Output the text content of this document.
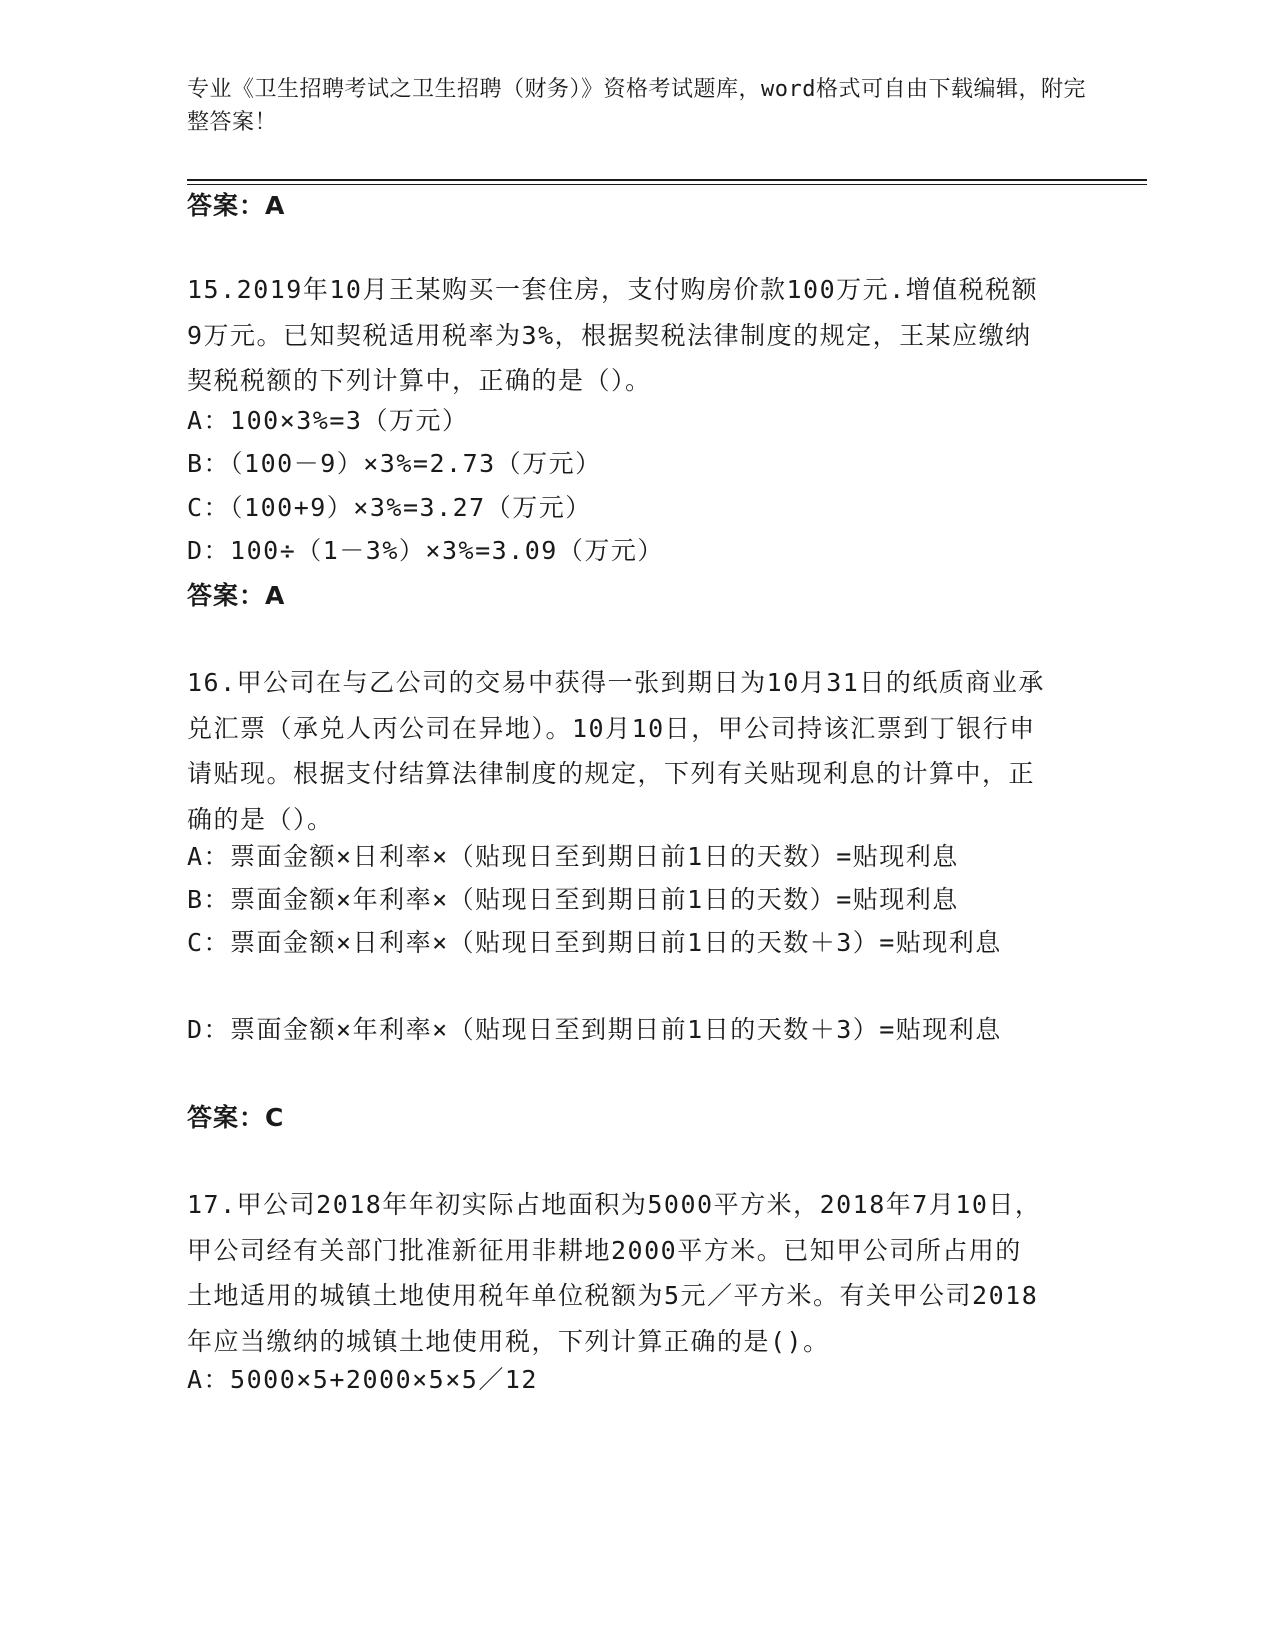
专业《卫生招聘考试之卫生招聘（财务）》资格考试题库，word格式可自由下载编辑，附完整答案！
答案：A
15.2019年10月王某购买一套住房，支付购房价款100万元.增值税税额9万元。已知契税适用税率为3%，根据契税法律制度的规定，王某应缴纳契税税额的下列计算中，正确的是（）。
A：100×3%=3（万元）
B：（100－9）×3%=2.73（万元）
C：（100+9）×3%=3.27（万元）
D：100÷（1－3%）×3%=3.09（万元）
答案：A
16.甲公司在与乙公司的交易中获得一张到期日为10月31日的纸质商业承兑汇票（承兑人丙公司在异地）。10月10日，甲公司持该汇票到丁银行申请贴现。根据支付结算法律制度的规定，下列有关贴现利息的计算中，正确的是（）。
A：票面金额×日利率×（贴现日至到期日前1日的天数）=贴现利息
B：票面金额×年利率×（贴现日至到期日前1日的天数）=贴现利息
C：票面金额×日利率×（贴现日至到期日前1日的天数＋3）=贴现利息
D：票面金额×年利率×（贴现日至到期日前1日的天数＋3）=贴现利息
答案：C
17.甲公司2018年年初实际占地面积为5000平方米，2018年7月10日，甲公司经有关部门批准新征用非耕地2000平方米。已知甲公司所占用的土地适用的城镇土地使用税年单位税额为5元／平方米。有关甲公司2018年应当缴纳的城镇土地使用税，下列计算正确的是()。
A：5000×5+2000×5×5／12
